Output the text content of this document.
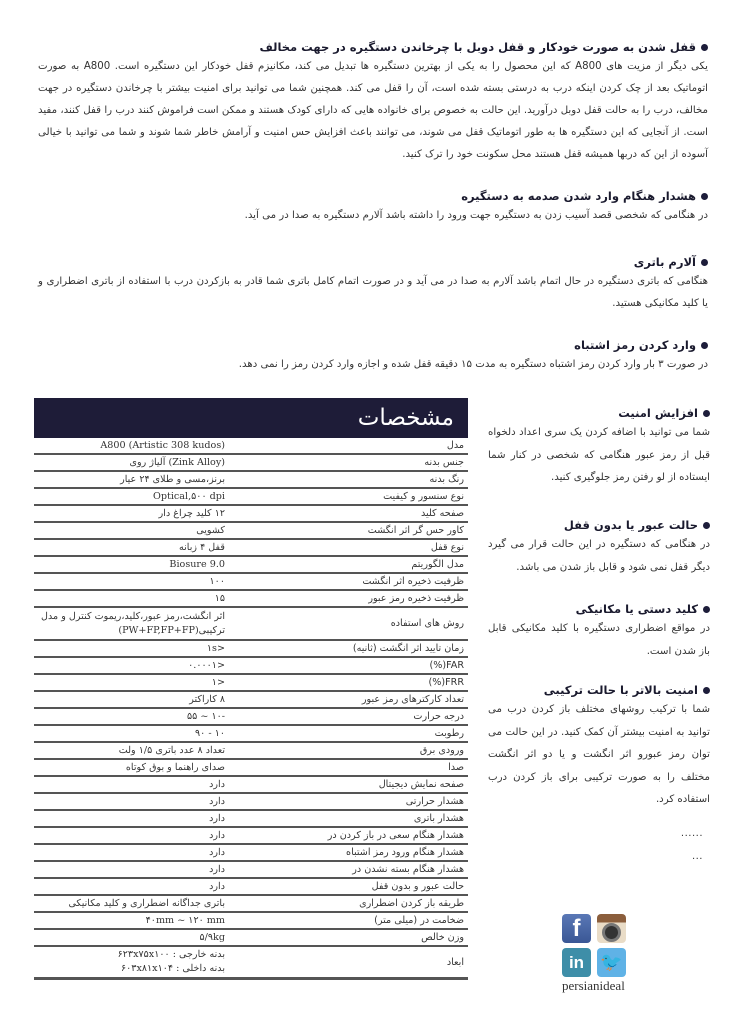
قفل شدن به صورت خودکار و قفل دوبل با چرخاندن دستگیره در جهت مخالف
یکی دیگر از مزیت های A800 که این محصول را به یکی از بهترین دستگیره ها تبدیل می کند، مکانیزم قفل خودکار این دستگیره است. A800 به صورت اتوماتیک بعد از چک کردن اینکه درب به درستی بسته شده است، آن را قفل می کند. همچنین شما می توانید برای امنیت بیشتر با چرخاندن دستگیره در جهت مخالف، درب را به حالت قفل دوبل درآورید. این حالت به خصوص برای خانواده هایی که دارای کودک هستند و ممکن است فراموش کنند درب را قفل کنند، مفید است. از آنجایی که این دستگیره ها به طور اتوماتیک قفل می شوند، می توانند باعث افزایش حس امنیت و آرامش خاطر شما شوند و شما می توانید با خیالی آسوده از این که دربها همیشه قفل هستند محل سکونت خود را ترک کنید.
هشدار هنگام وارد شدن صدمه به دستگیره
در هنگامی که شخصی قصد آسیب زدن به دستگیره جهت ورود را داشته باشد آلارم دستگیره به صدا در می آید.
آلارم باتری
هنگامی که باتری دستگیره در حال اتمام باشد آلارم به صدا در می آید و در صورت اتمام کامل باتری شما قادر به بازکردن درب با استفاده از باتری اضطراری و یا کلید مکانیکی هستید.
وارد کردن رمز اشتباه
در صورت ۳ بار وارد کردن رمز اشتباه دستگیره به مدت ۱۵ دقیقه قفل شده و اجازه وارد کردن رمز را نمی دهد.
مشخصات
مدل
A800 (Artistic 308 kudos)
جنس بدنه
(Zink Alloy) آلیاژ روی
رنگ بدنه
برنز،مسی و طلای ۲۴ عیار
نوع سنسور و کیفیت
Optical,۵۰۰ dpi
صفحه کلید
۱۲ کلید چراغ دار
کاور حس گر اثر انگشت
کشویی
نوع قفل
قفل ۴ زبانه
مدل الگوریتم
Biosure 9.0
ظرفیت ذخیره اثر انگشت
۱۰۰
ظرفیت ذخیره رمز عبور
۱۵
روش های استفاده
اثر انگشت،رمز عبور،کلید،ریموت کنترل و مدل ترکیبی(PW+FP,FP+FP)
زمان تایید اثر انگشت (ثانیه)
<۱s
FAR(%)
<۰.۰۰۰۱
FRR(%)
<۱
تعداد کارکترهای رمز عبور
۸ کاراکتر
درجه حرارت
-۱۰ ~ ۵۵
رطوبت
۱۰ - ۹۰
ورودی برق
تعداد ۸ عدد باتری ۱/۵ ولت
صدا
صدای راهنما و بوق کوتاه
صفحه نمایش دیجیتال
دارد
هشدار حرارتی
دارد
هشدار باتری
دارد
هشدار هنگام سعی در باز کردن در
دارد
هشدار هنگام ورود رمز اشتباه
دارد
هشدار هنگام بسته نشدن در
دارد
حالت عبور و بدون قفل
دارد
طریقه باز کردن اضطراری
باتری جداگانه اضطراری و کلید مکانیکی
ضخامت در (میلی متر)
۴۰mm ~ ۱۲۰ mm
وزن خالص
۵/۹kg
ابعاد
بدنه خارجی : ۶۲۳x۷۵x۱۰۰
بدنه داخلی : ۶۰۳x۸۱x۱۰۴
افزایش امنیت
شما می توانید با اضافه کردن یک سری اعداد دلخواه قبل از رمز عبور هنگامی که شخصی در کنار شما ایستاده از لو رفتن رمز جلوگیری کنید.
حالت عبور یا بدون قفل
در هنگامی که دستگیره در این حالت قرار می گیرد دیگر قفل نمی شود و قابل باز شدن می باشد.
کلید دستی یا مکانیکی
در مواقع اضطراری دستگیره با کلید مکانیکی قابل باز شدن است.
امنیت بالاتر با حالت ترکیبی
شما با ترکیب روشهای مختلف باز کردن درب می توانید به امنیت بیشتر آن کمک کنید. در این حالت می توان رمز عبورو اثر انگشت و یا دو اثر انگشت مختلف را به صورت ترکیبی برای باز کردن درب استفاده کرد.
......
...
f
in 🐦
persianideal
